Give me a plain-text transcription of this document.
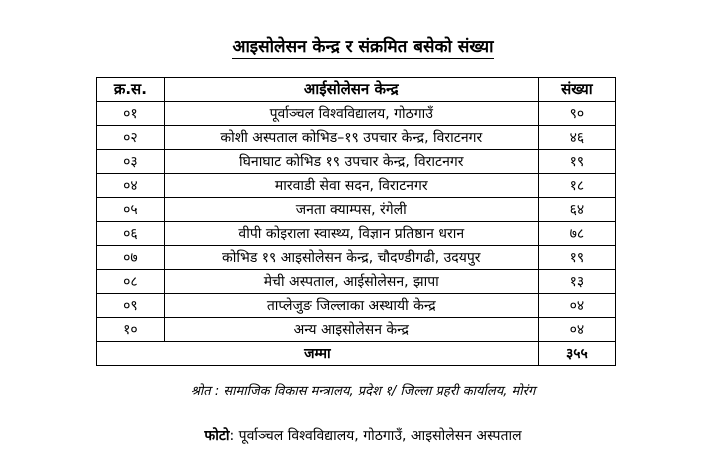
आइसोलेसन केन्द्र र संक्रमित बसेको संख्या
क्र.स.	आईसोलेसन केन्द्र	संख्या
०१	पूर्वाञ्चल विश्वविद्यालय, गोठगाउँ	९०
०२	कोशी अस्पताल कोभिड–१९ उपचार केन्द्र, विराटनगर	४६
०३	घिनाघाट कोभिड १९ उपचार केन्द्र, विराटनगर	१९
०४	मारवाडी सेवा सदन, विराटनगर	१८
०५	जनता क्याम्पस, रंगेली	६४
०६	वीपी कोइराला स्वास्थ्य, विज्ञान प्रतिष्ठान धरान	७८
०७	कोभिड १९ आइसोलेसन केन्द्र, चौदण्डीगढी, उदयपुर	१९
०८	मेची अस्पताल, आईसोलेसन, झापा	१३
०९	ताप्लेजुङ जिल्लाका अस्थायी केन्द्र	०४
१०	अन्य आइसोलेसन केन्द्र	०४
जम्मा		३५५
श्रोत : सामाजिक विकास मन्त्रालय, प्रदेश १/ जिल्ला प्रहरी कार्यालय, मोरंग
फोटो: पूर्वाञ्चल विश्वविद्यालय, गोठगाउँ, आइसोलेसन अस्पताल
